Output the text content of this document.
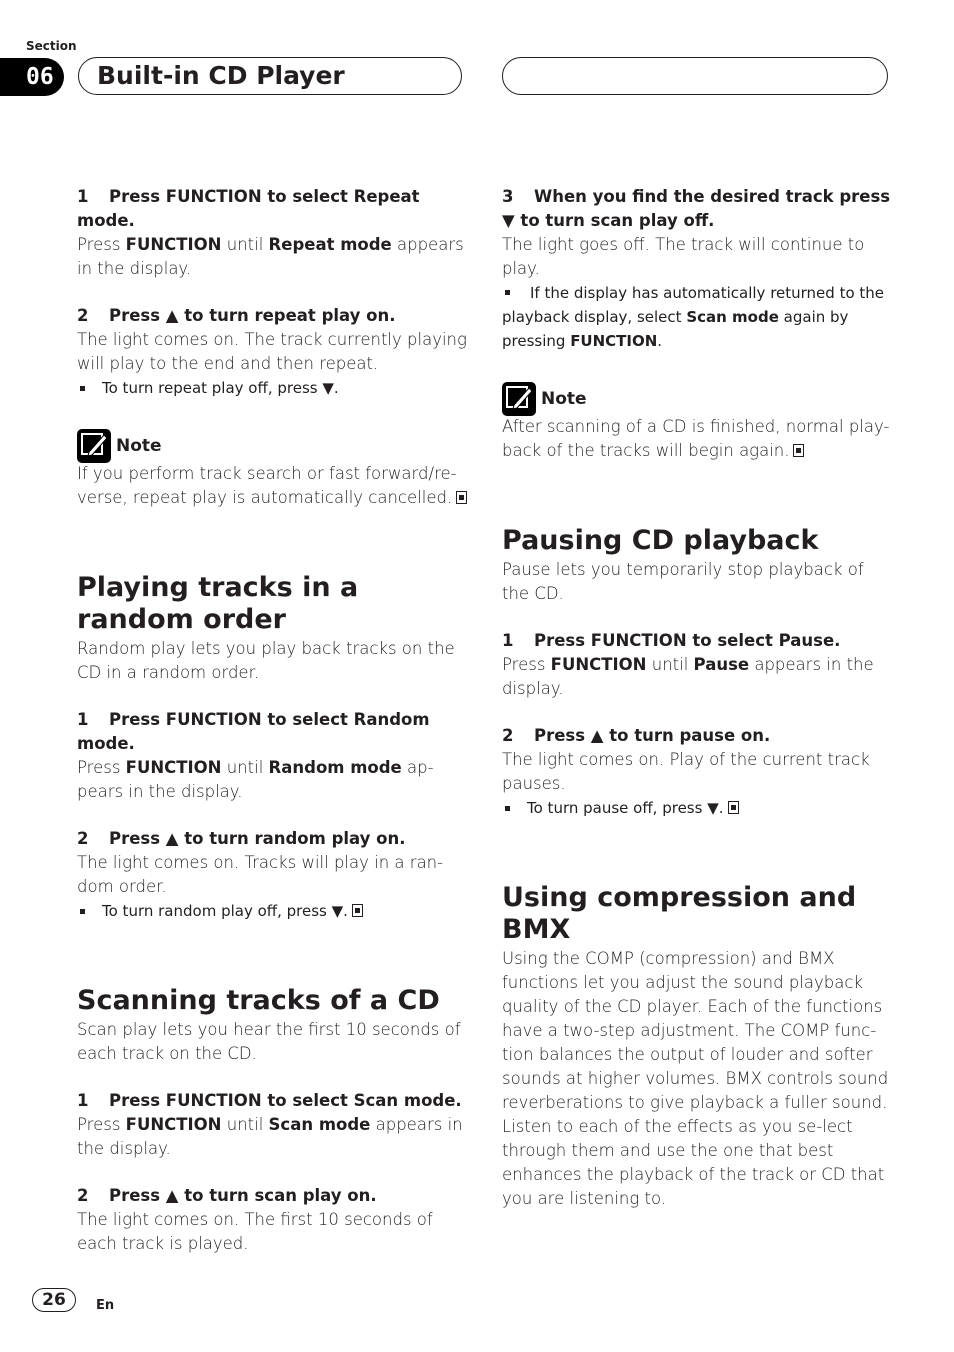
Section
06 Built-in CD Player

1 Press FUNCTION to select Repeat mode.

Press FUNCTION until Repeat mode appears in the display.

2 Press ▲ to turn repeat play on.

The light comes on. The track currently playing will play to the end and then repeat.

To turn repeat play off, press ▼.

Note

If you perform track search or fast forward/re-verse, repeat play is automatically cancelled.

Playing tracks in a random order

Random play lets you play back tracks on the CD in a random order.

1 Press FUNCTION to select Random mode.

Press FUNCTION until Random mode ap-pears in the display.

2 Press ▲ to turn random play on.

The light comes on. Tracks will play in a ran-dom order.

To turn random play off, press ▼.

Scanning tracks of a CD

Scan play lets you hear the first 10 seconds of each track on the CD.

1 Press FUNCTION to select Scan mode.

Press FUNCTION until Scan mode appears in the display.

2 Press ▲ to turn scan play on.

The light comes on. The first 10 seconds of each track is played.

3 When you find the desired track press ▼ to turn scan play off.

The light goes off. The track will continue to play.

If the display has automatically returned to the playback display, select Scan mode again by pressing FUNCTION.

Note

After scanning of a CD is finished, normal play-back of the tracks will begin again.

Pausing CD playback

Pause lets you temporarily stop playback of the CD.

1 Press FUNCTION to select Pause.

Press FUNCTION until Pause appears in the display.

2 Press ▲ to turn pause on.

The light comes on. Play of the current track pauses.

To turn pause off, press ▼.

Using compression and BMX

Using the COMP (compression) and BMX functions let you adjust the sound playback quality of the CD player. Each of the functions have a two-step adjustment. The COMP func-tion balances the output of louder and softer sounds at higher volumes. BMX controls sound reverberations to give playback a fuller sound. Listen to each of the effects as you se-lect through them and use the one that best enhances the playback of the track or CD that you are listening to.

26	En
